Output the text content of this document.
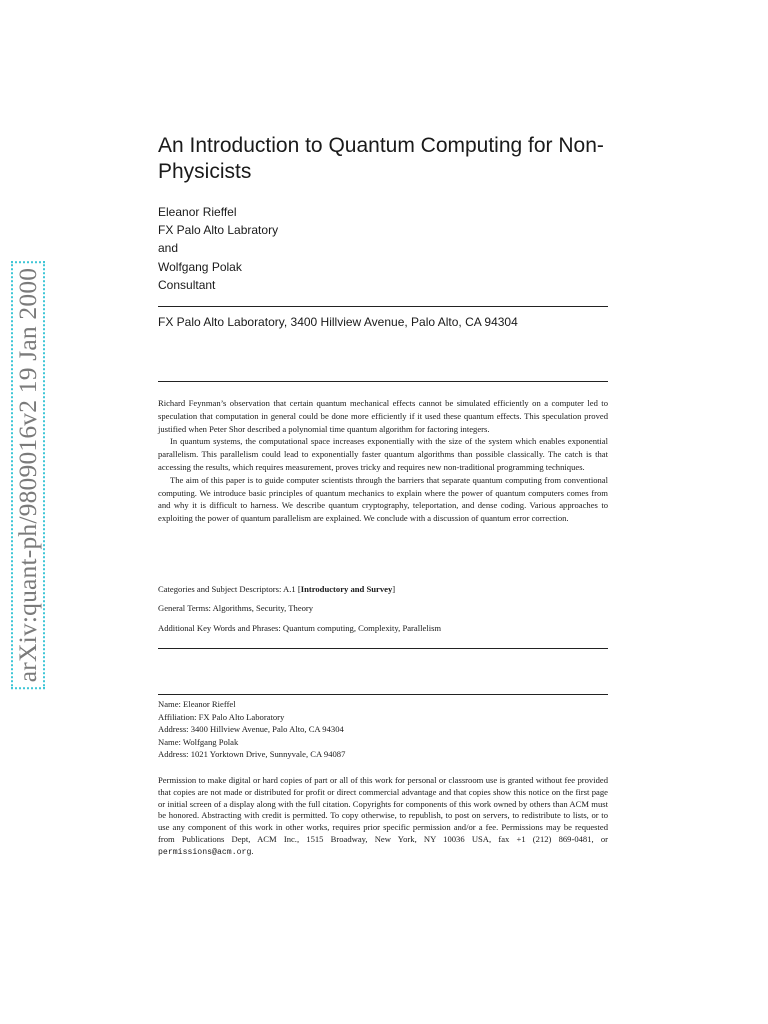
arXiv:quant-ph/9809016v2 19 Jan 2000
An Introduction to Quantum Computing for Non-Physicists
Eleanor Rieffel
FX Palo Alto Labratory
and
Wolfgang Polak
Consultant
FX Palo Alto Laboratory, 3400 Hillview Avenue, Palo Alto, CA 94304

Richard Feynman’s observation that certain quantum mechanical effects cannot be simulated efficiently on a computer led to speculation that computation in general could be done more efficiently if it used these quantum effects. This speculation proved justified when Peter Shor described a polynomial time quantum algorithm for factoring integers.

In quantum systems, the computational space increases exponentially with the size of the system which enables exponential parallelism. This parallelism could lead to exponentially faster quantum algorithms than possible classically. The catch is that accessing the results, which requires measurement, proves tricky and requires new non-traditional programming techniques.

The aim of this paper is to guide computer scientists through the barriers that separate quantum computing from conventional computing. We introduce basic principles of quantum mechanics to explain where the power of quantum computers comes from and why it is difficult to harness. We describe quantum cryptography, teleportation, and dense coding. Various approaches to exploiting the power of quantum parallelism are explained. We conclude with a discussion of quantum error correction.

Categories and Subject Descriptors: A.1 [Introductory and Survey]
General Terms: Algorithms, Security, Theory
Additional Key Words and Phrases: Quantum computing, Complexity, Parallelism
Name: Eleanor Rieffel
Affiliation: FX Palo Alto Laboratory
Address: 3400 Hillview Avenue, Palo Alto, CA 94304
Name: Wolfgang Polak
Address: 1021 Yorktown Drive, Sunnyvale, CA 94087
Permission to make digital or hard copies of part or all of this work for personal or classroom use is granted without fee provided that copies are not made or distributed for profit or direct commercial advantage and that copies show this notice on the first page or initial screen of a display along with the full citation. Copyrights for components of this work owned by others than ACM must be honored. Abstracting with credit is permitted. To copy otherwise, to republish, to post on servers, to redistribute to lists, or to use any component of this work in other works, requires prior specific permission and/or a fee. Permissions may be requested from Publications Dept, ACM Inc., 1515 Broadway, New York, NY 10036 USA, fax +1 (212) 869-0481, or permissions@acm.org.
